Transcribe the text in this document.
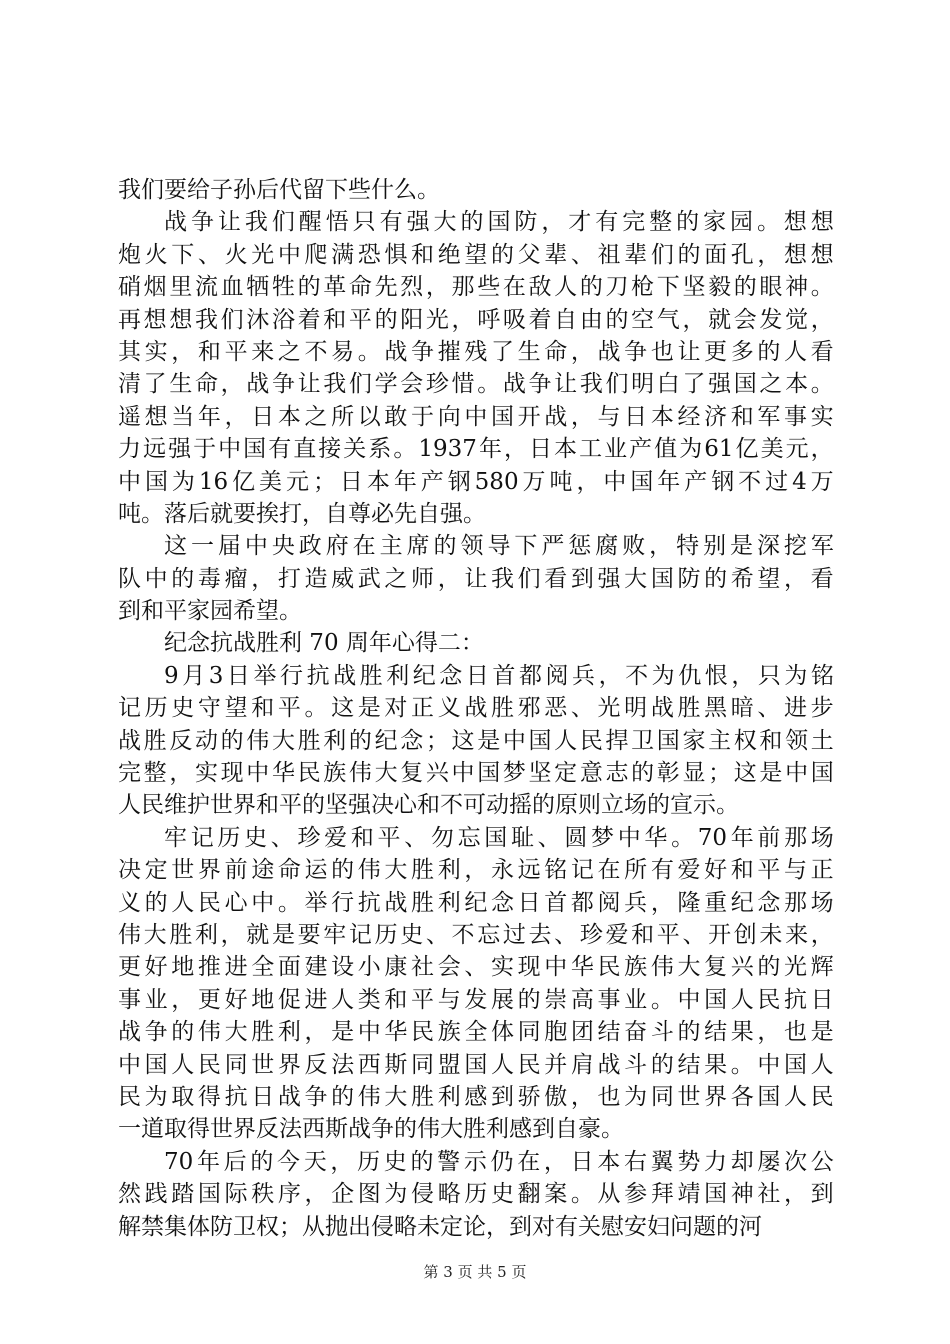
我们要给子孙后代留下些什么。
战 争 让 我 们 醒 悟 只 有 强 大 的 国 防 ， 才 有 完 整 的 家 园 。 想 想
炮 火 下 、 火 光 中 爬 满 恐 惧 和 绝 望 的 父 辈 、 祖 辈 们 的 面 孔 ， 想 想
硝 烟 里 流 血 牺 牲 的 革 命 先 烈 ， 那 些 在 敌 人 的 刀 枪 下 坚 毅 的 眼 神 。
再 想 想 我 们 沐 浴 着 和 平 的 阳 光 ， 呼 吸 着 自 由 的 空 气 ， 就 会 发 觉 ，
其 实 ， 和 平 来 之 不 易 。 战 争 摧 残 了 生 命 ， 战 争 也 让 更 多 的 人 看
清 了 生 命 ， 战 争 让 我 们 学 会 珍 惜 。 战 争 让 我 们 明 白 了 强 国 之 本 。
遥 想 当 年 ， 日 本 之 所 以 敢 于 向 中 国 开 战 ， 与 日 本 经 济 和 军 事 实
力 远 强 于 中 国 有 直 接 关 系 。 1937 年 ， 日 本 工 业 产 值 为 61 亿 美 元 ，
中 国 为 16 亿 美 元 ； 日 本 年 产 钢 580 万 吨 ， 中 国 年 产 钢 不 过 4 万
吨。落后就要挨打，自尊必先自强。
这 一 届 中 央 政 府 在 主 席 的 领 导 下 严 惩 腐 败 ， 特 别 是 深 挖 军
队 中 的 毒 瘤 ， 打 造 威 武 之 师 ， 让 我 们 看 到 强 大 国 防 的 希 望 ， 看
到和平家园希望。
纪念抗战胜利 70 周年心得二：
9 月 3 日 举 行 抗 战 胜 利 纪 念 日 首 都 阅 兵 ， 不 为 仇 恨 ， 只 为 铭
记 历 史 守 望 和 平 。 这 是 对 正 义 战 胜 邪 恶 、 光 明 战 胜 黑 暗 、 进 步
战 胜 反 动 的 伟 大 胜 利 的 纪 念 ； 这 是 中 国 人 民 捍 卫 国 家 主 权 和 领 土
完 整 ， 实 现 中 华 民 族 伟 大 复 兴 中 国 梦 坚 定 意 志 的 彰 显 ； 这 是 中 国
人民维护世界和平的坚强决心和不可动摇的原则立场的宣示。
牢 记 历 史 、 珍 爱 和 平 、 勿 忘 国 耻 、 圆 梦 中 华 。 70 年 前 那 场
决 定 世 界 前 途 命 运 的 伟 大 胜 利 ， 永 远 铭 记 在 所 有 爱 好 和 平 与 正
义 的 人 民 心 中 。 举 行 抗 战 胜 利 纪 念 日 首 都 阅 兵 ， 隆 重 纪 念 那 场
伟 大 胜 利 ， 就 是 要 牢 记 历 史 、 不 忘 过 去 、 珍 爱 和 平 、 开 创 未 来 ，
更 好 地 推 进 全 面 建 设 小 康 社 会 、 实 现 中 华 民 族 伟 大 复 兴 的 光 辉
事 业 ， 更 好 地 促 进 人 类 和 平 与 发 展 的 崇 高 事 业 。 中 国 人 民 抗 日
战 争 的 伟 大 胜 利 ， 是 中 华 民 族 全 体 同 胞 团 结 奋 斗 的 结 果 ， 也 是
中 国 人 民 同 世 界 反 法 西 斯 同 盟 国 人 民 并 肩 战 斗 的 结 果 。 中 国 人
民 为 取 得 抗 日 战 争 的 伟 大 胜 利 感 到 骄 傲 ， 也 为 同 世 界 各 国 人 民
一道取得世界反法西斯战争的伟大胜利感到自豪。
70 年 后 的 今 天 ， 历 史 的 警 示 仍 在 ， 日 本 右 翼 势 力 却 屡 次 公
然 践 踏 国 际 秩 序 ， 企 图 为 侵 略 历 史 翻 案 。 从 参 拜 靖 国 神 社 ， 到
解禁集体防卫权；从抛出侵略未定论，到对有关慰安妇问题的河
第 3 页 共 5 页
